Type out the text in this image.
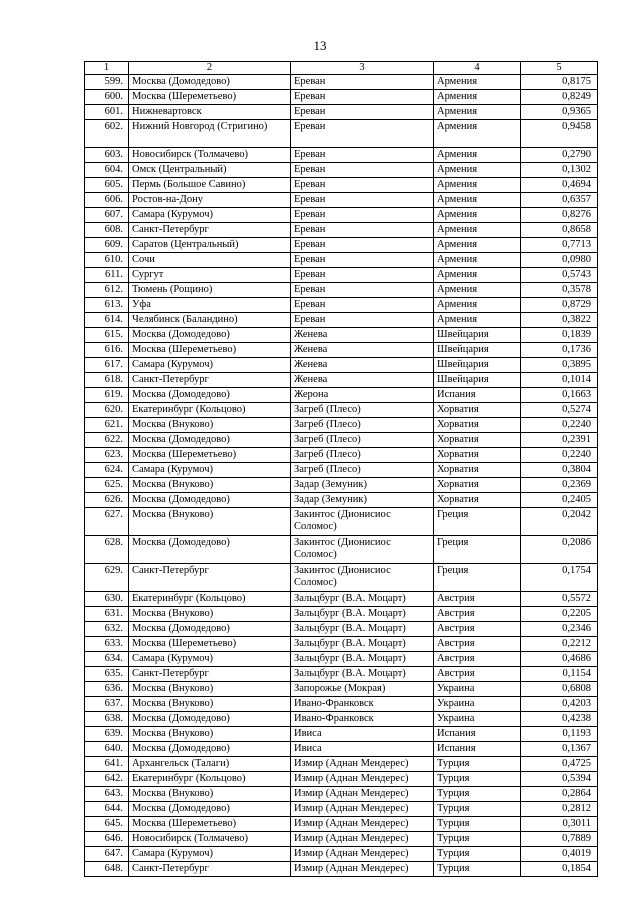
13
1	2	3	4	5
599.	Москва (Домодедово)	Ереван	Армения	0,8175
600.	Москва (Шереметьево)	Ереван	Армения	0,8249
601.	Нижневартовск	Ереван	Армения	0,9365
602.	Нижний Новгород (Стригино)	Ереван	Армения	0,9458
603.	Новосибирск (Толмачево)	Ереван	Армения	0,2790
604.	Омск (Центральный)	Ереван	Армения	0,1302
605.	Пермь (Большое Савино)	Ереван	Армения	0,4694
606.	Ростов-на-Дону	Ереван	Армения	0,6357
607.	Самара (Курумоч)	Ереван	Армения	0,8276
608.	Санкт-Петербург	Ереван	Армения	0,8658
609.	Саратов (Центральный)	Ереван	Армения	0,7713
610.	Сочи	Ереван	Армения	0,0980
611.	Сургут	Ереван	Армения	0,5743
612.	Тюмень (Рощино)	Ереван	Армения	0,3578
613.	Уфа	Ереван	Армения	0,8729
614.	Челябинск (Баландино)	Ереван	Армения	0,3822
615.	Москва (Домодедово)	Женева	Швейцария	0,1839
616.	Москва (Шереметьево)	Женева	Швейцария	0,1736
617.	Самара (Курумоч)	Женева	Швейцария	0,3895
618.	Санкт-Петербург	Женева	Швейцария	0,1014
619.	Москва (Домодедово)	Жерона	Испания	0,1663
620.	Екатеринбург (Кольцово)	Загреб (Плесо)	Хорватия	0,5274
621.	Москва (Внуково)	Загреб (Плесо)	Хорватия	0,2240
622.	Москва (Домодедово)	Загреб (Плесо)	Хорватия	0,2391
623.	Москва (Шереметьево)	Загреб (Плесо)	Хорватия	0,2240
624.	Самара (Курумоч)	Загреб (Плесо)	Хорватия	0,3804
625.	Москва (Внуково)	Задар (Земуник)	Хорватия	0,2369
626.	Москва (Домодедово)	Задар (Земуник)	Хорватия	0,2405
627.	Москва (Внуково)	Закинтос (Дионисиос Соломос)	Греция	0,2042
628.	Москва (Домодедово)	Закинтос (Дионисиос Соломос)	Греция	0,2086
629.	Санкт-Петербург	Закинтос (Дионисиос Соломос)	Греция	0,1754
630.	Екатеринбург (Кольцово)	Зальцбург (В.А. Моцарт)	Австрия	0,5572
631.	Москва (Внуково)	Зальцбург (В.А. Моцарт)	Австрия	0,2205
632.	Москва (Домодедово)	Зальцбург (В.А. Моцарт)	Австрия	0,2346
633.	Москва (Шереметьево)	Зальцбург (В.А. Моцарт)	Австрия	0,2212
634.	Самара (Курумоч)	Зальцбург (В.А. Моцарт)	Австрия	0,4686
635.	Санкт-Петербург	Зальцбург (В.А. Моцарт)	Австрия	0,1154
636.	Москва (Внуково)	Запорожье (Мокрая)	Украина	0,6808
637.	Москва (Внуково)	Ивано-Франковск	Украина	0,4203
638.	Москва (Домодедово)	Ивано-Франковск	Украина	0,4238
639.	Москва (Внуково)	Ивиса	Испания	0,1193
640.	Москва (Домодедово)	Ивиса	Испания	0,1367
641.	Архангельск (Талаги)	Измир (Аднан Мендерес)	Турция	0,4725
642.	Екатеринбург (Кольцово)	Измир (Аднан Мендерес)	Турция	0,5394
643.	Москва (Внуково)	Измир (Аднан Мендерес)	Турция	0,2864
644.	Москва (Домодедово)	Измир (Аднан Мендерес)	Турция	0,2812
645.	Москва (Шереметьево)	Измир (Аднан Мендерес)	Турция	0,3011
646.	Новосибирск (Толмачево)	Измир (Аднан Мендерес)	Турция	0,7889
647.	Самара (Курумоч)	Измир (Аднан Мендерес)	Турция	0,4019
648.	Санкт-Петербург	Измир (Аднан Мендерес)	Турция	0,1854
